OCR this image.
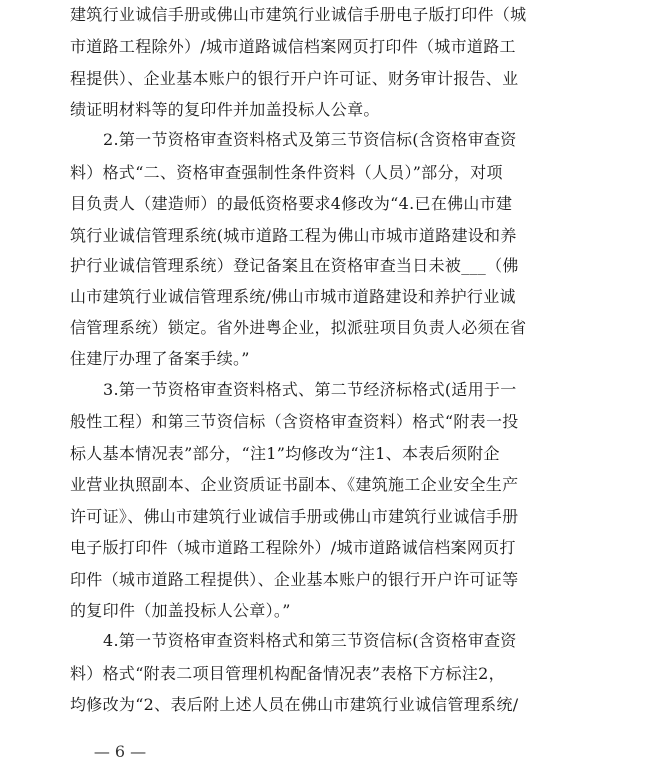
建筑行业诚信手册或佛山市建筑行业诚信手册电子版打印件（城
市道路工程除外）/城市道路诚信档案网页打印件（城市道路工
程提供）、企业基本账户的银行开户许可证、财务审计报告、业
绩证明材料等的复印件并加盖投标人公章。
2.第一节资格审查资料格式及第三节资信标(含资格审查资
料）格式“二、资格审查强制性条件资料（人员）”部分，对项
目负责人（建造师）的最低资格要求4修改为“4.已在佛山市建
筑行业诚信管理系统(城市道路工程为佛山市城市道路建设和养
护行业诚信管理系统）登记备案且在资格审查当日未被___（佛
山市建筑行业诚信管理系统/佛山市城市道路建设和养护行业诚
信管理系统）锁定。省外进粤企业，拟派驻项目负责人必须在省
住建厅办理了备案手续。”
3.第一节资格审查资料格式、第二节经济标格式(适用于一
般性工程）和第三节资信标（含资格审查资料）格式“附表一投
标人基本情况表”部分，“注1”均修改为“注1、本表后须附企
业营业执照副本、企业资质证书副本、《建筑施工企业安全生产
许可证》、佛山市建筑行业诚信手册或佛山市建筑行业诚信手册
电子版打印件（城市道路工程除外）/城市道路诚信档案网页打
印件（城市道路工程提供）、企业基本账户的银行开户许可证等
的复印件（加盖投标人公章）。”
4.第一节资格审查资料格式和第三节资信标(含资格审查资
料）格式“附表二项目管理机构配备情况表”表格下方标注2，
均修改为“2、表后附上述人员在佛山市建筑行业诚信管理系统/
— 6 —
